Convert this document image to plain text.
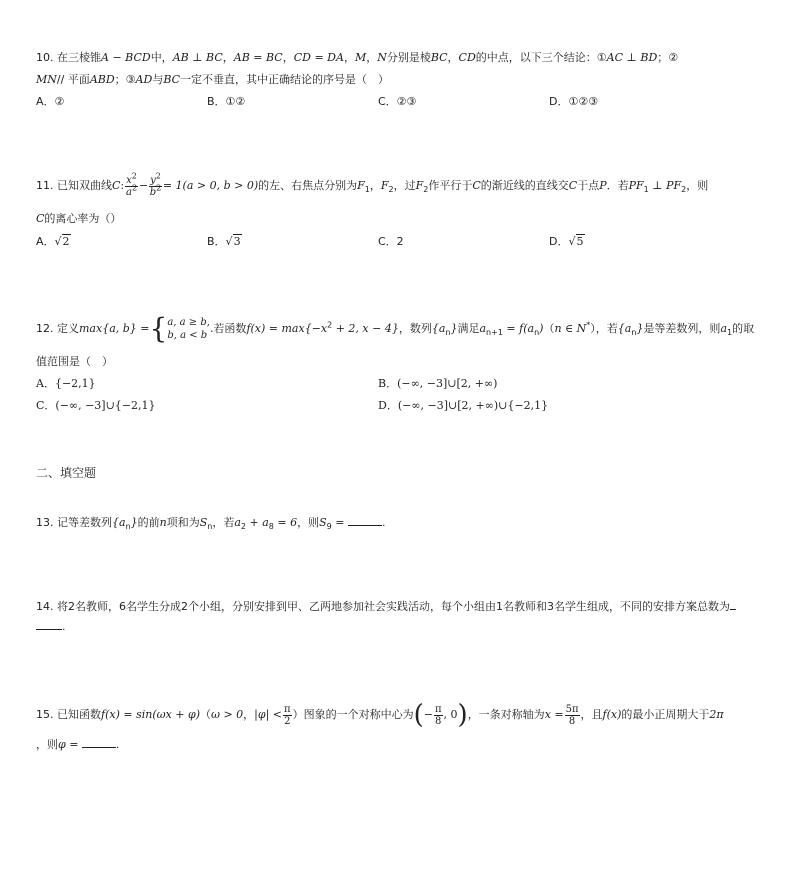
10. 在三棱锥A − BCD中，AB ⊥ BC，AB = BC，CD = DA，M，N分别是棱BC，CD的中点，以下三个结论：①AC ⊥ BD；②
MN// 平面ABD；③AD与BC一定不垂直，其中正确结论的序号是（　）
A．②	B．①②	C．②③	D．①②③
11. 已知双曲线C: $\frac{x^2}{a^2} - \frac{y^2}{b^2} = 1(a > 0$, b > 0)的左、右焦点分别为$F_1$，$F_2$，过$F_2$作平行于C的渐近线的直线交C于点P．若$PF_1$ ⊥ $PF_2$，则
C的离心率为（）
A．√2	B．√3	C．2	D．√5
12. 定义max{a, b} = { a, a ≥ b,
b, a < b
.若函数$f(x) = \max\{-x^2 + 2$, x − 4}，数列$\{a_n\}$满足$a_{n+1} = f(a_n)(n$ ∈ N*），若$\{a_n\}$是等差数列，则$a_1$的取
值范围是（　）
A．{−2,1}	B．(−∞, −3]∪[2, +∞)
C．(−∞, −3]∪{−2,1}	D．(−∞, −3]∪[2, +∞)∪{−2,1}
二、填空题
13. 记等差数列$\{a_n\}$的前n项和为$S_n$，若$a_2 + a_8 = 6$，则$S_9$ =	.
14. 将2名教师，6名学生分成2个小组，分别安排到甲、乙两地参加社会实践活动，每个小组由1名教师和3名学生组成，不同的安排方案总数为
.
15. 已知函数f(x) = sin(ωx + φ)（ω > 0，$|\varphi| < \frac{\pi}{2}$ ）图象的一个对称中心为(− $\frac{\pi}{8}$ , 0)，一条对称轴为$x = \frac{5\pi}{8}$ ，且f(x)的最小正周期大于2π
，则φ =	.
